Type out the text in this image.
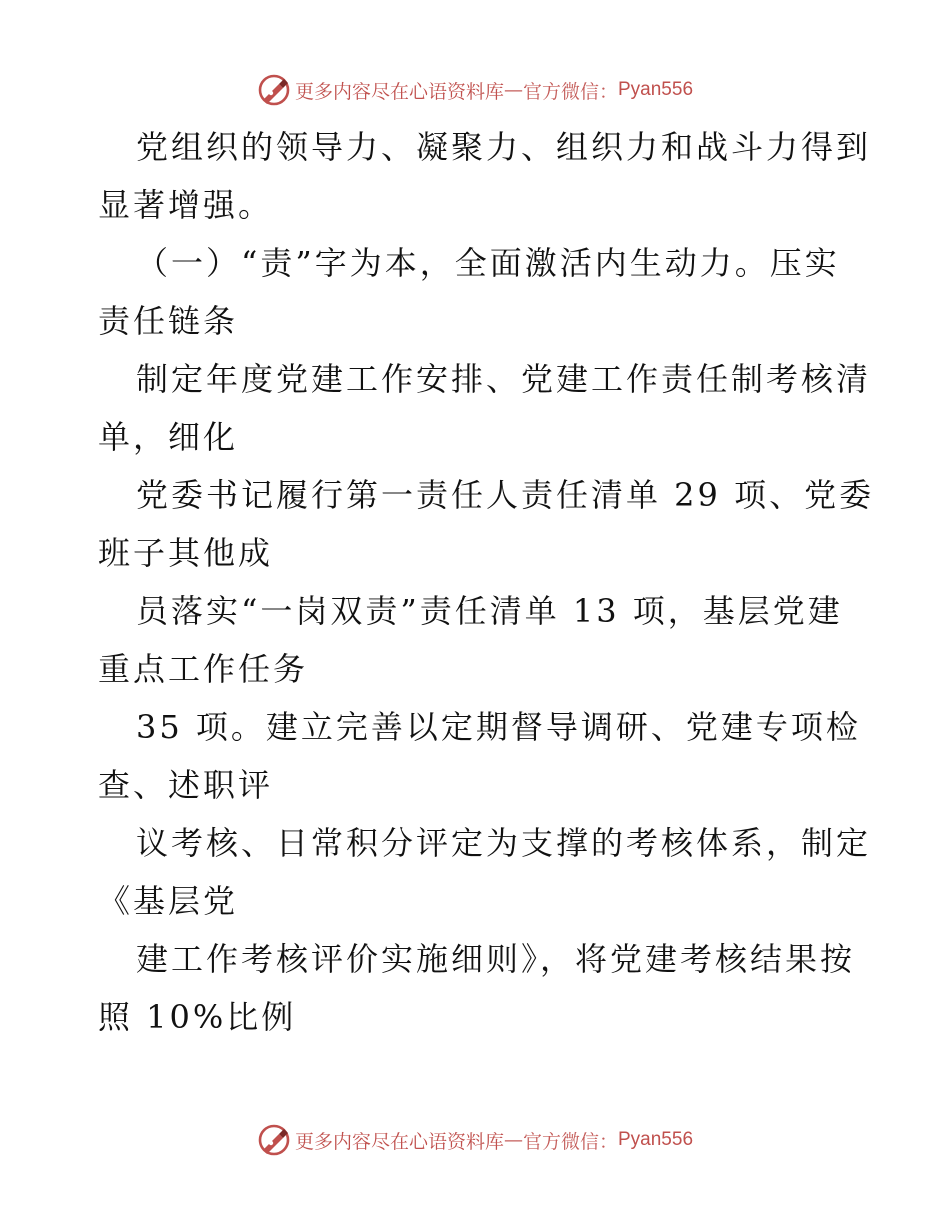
更多内容尽在心语资料库 — 官方微信： Pyan556
党组织的领导力、凝聚力、组织力和战斗力得到
显著增强。
（一）“责”字为本，全面激活内生动力。压实
责任链条
制定年度党建工作安排、党建工作责任制考核清
单，细化
党委书记履行第一责任人责任清单 29 项、党委
班子其他成
员落实“一岗双责”责任清单 13 项，基层党建
重点工作任务
35 项。建立完善以定期督导调研、党建专项检
查、述职评
议考核、日常积分评定为支撑的考核体系，制定
《基层党
建工作考核评价实施细则》，将党建考核结果按
照 10%比例
更多内容尽在心语资料库 — 官方微信： Pyan556
